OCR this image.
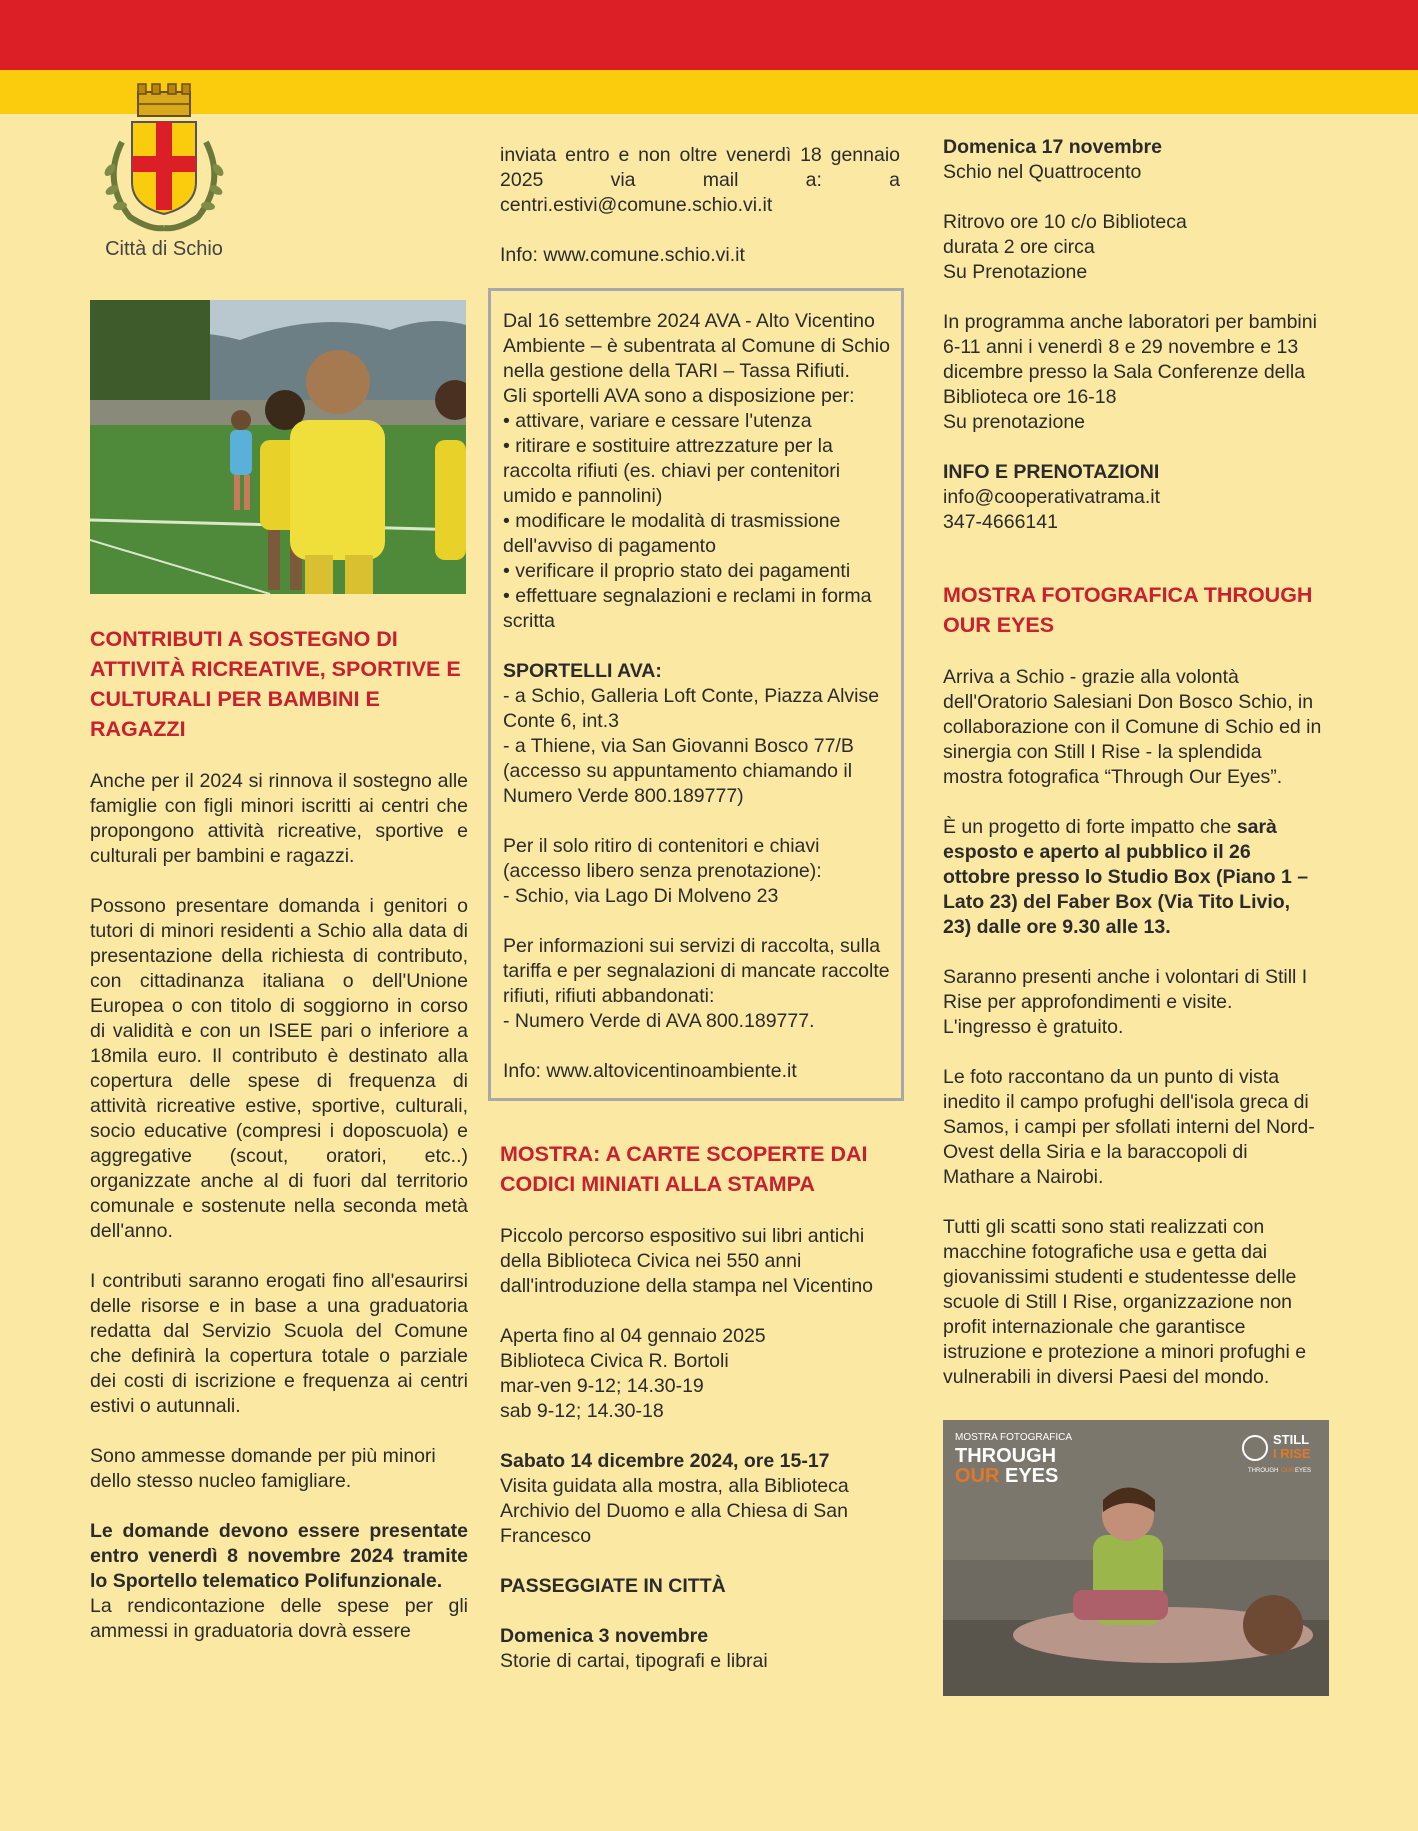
Città di Schio
CONTRIBUTI A SOSTEGNO DI ATTIVITÀ RICREATIVE, SPORTIVE E CULTURALI PER BAMBINI E RAGAZZI

Anche per il 2024 si rinnova il sostegno alle famiglie con figli minori iscritti ai centri che propongono attività ricreative, sportive e culturali per bambini e ragazzi.

Possono presentare domanda i genitori o tutori di minori residenti a Schio alla data di presentazione della richiesta di contributo, con cittadinanza italiana o dell'Unione Europea o con titolo di soggiorno in corso di validità e con un ISEE pari o inferiore a 18mila euro. Il contributo è destinato alla copertura delle spese di frequenza di attività ricreative estive, sportive, culturali, socio educative (compresi i doposcuola) e aggregative (scout, oratori, etc..) organizzate anche al di fuori dal territorio comunale e sostenute nella seconda metà dell'anno.

I contributi saranno erogati fino all'esaurirsi delle risorse e in base a una graduatoria redatta dal Servizio Scuola del Comune che definirà la copertura totale o parziale dei costi di iscrizione e frequenza ai centri estivi o autunnali.

Sono ammesse domande per più minori dello stesso nucleo famigliare.

Le domande devono essere presentate entro venerdì 8 novembre 2024 tramite lo Sportello telematico Polifunzionale.
La rendicontazione delle spese per gli ammessi in graduatoria dovrà essere

inviata entro e non oltre venerdì 18 gennaio 2025 via mail a: a centri.estivi@comune.schio.vi.it

Info: www.comune.schio.vi.it

Dal 16 settembre 2024 AVA - Alto Vicentino Ambiente – è subentrata al Comune di Schio nella gestione della TARI – Tassa Rifiuti.
Gli sportelli AVA sono a disposizione per:

• attivare, variare e cessare l'utenza
• ritirare e sostituire attrezzature per la raccolta rifiuti (es. chiavi per contenitori umido e pannolini)
• modificare le modalità di trasmissione dell'avviso di pagamento
• verificare il proprio stato dei pagamenti
• effettuare segnalazioni e reclami in forma scritta

SPORTELLI AVA:
- a Schio, Galleria Loft Conte, Piazza Alvise Conte 6, int.3
- a Thiene, via San Giovanni Bosco 77/B
(accesso su appuntamento chiamando il Numero Verde 800.189777)

Per il solo ritiro di contenitori e chiavi (accesso libero senza prenotazione):
- Schio, via Lago Di Molveno 23

Per informazioni sui servizi di raccolta, sulla tariffa e per segnalazioni di mancate raccolte rifiuti, rifiuti abbandonati:
- Numero Verde di AVA 800.189777.

Info: www.altovicentinoambiente.it

MOSTRA: A CARTE SCOPERTE DAI CODICI MINIATI ALLA STAMPA

Piccolo percorso espositivo sui libri antichi della Biblioteca Civica nei 550 anni dall'introduzione della stampa nel Vicentino

Aperta fino al 04 gennaio 2025
Biblioteca Civica R. Bortoli
mar-ven 9-12; 14.30-19
sab 9-12; 14.30-18

Sabato 14 dicembre 2024, ore 15-17
Visita guidata alla mostra, alla Biblioteca Archivio del Duomo e alla Chiesa di San Francesco

PASSEGGIATE IN CITTÀ

Domenica 3 novembre
Storie di cartai, tipografi e librai

Domenica 17 novembre
Schio nel Quattrocento

Ritrovo ore 10 c/o Biblioteca
durata 2 ore circa
Su Prenotazione

In programma anche laboratori per bambini 6-11 anni i venerdì 8 e 29 novembre e 13 dicembre presso la Sala Conferenze della Biblioteca ore 16-18
Su prenotazione

INFO E PRENOTAZIONI
info@cooperativatrama.it
347-4666141

MOSTRA FOTOGRAFICA THROUGH OUR EYES

Arriva a Schio - grazie alla volontà dell'Oratorio Salesiani Don Bosco Schio, in collaborazione con il Comune di Schio ed in sinergia con Still I Rise - la splendida mostra fotografica “Through Our Eyes”.

È un progetto di forte impatto che sarà esposto e aperto al pubblico il 26 ottobre presso lo Studio Box (Piano 1 – Lato 23) del Faber Box (Via Tito Livio, 23) dalle ore 9.30 alle 13.

Saranno presenti anche i volontari di Still I Rise per approfondimenti e visite. L'ingresso è gratuito.

Le foto raccontano da un punto di vista inedito il campo profughi dell'isola greca di Samos, i campi per sfollati interni del Nord-Ovest della Siria e la baraccopoli di Mathare a Nairobi.

Tutti gli scatti sono stati realizzati con macchine fotografiche usa e getta dai giovanissimi studenti e studentesse delle scuole di Still I Rise, organizzazione non profit internazionale che garantisce istruzione e protezione a minori profughi e vulnerabili in diversi Paesi del mondo.

MOSTRA FOTOGRAFICA
THROUGH
OUR EYES
STILL
I RISE
THROUGH OUR EYES
